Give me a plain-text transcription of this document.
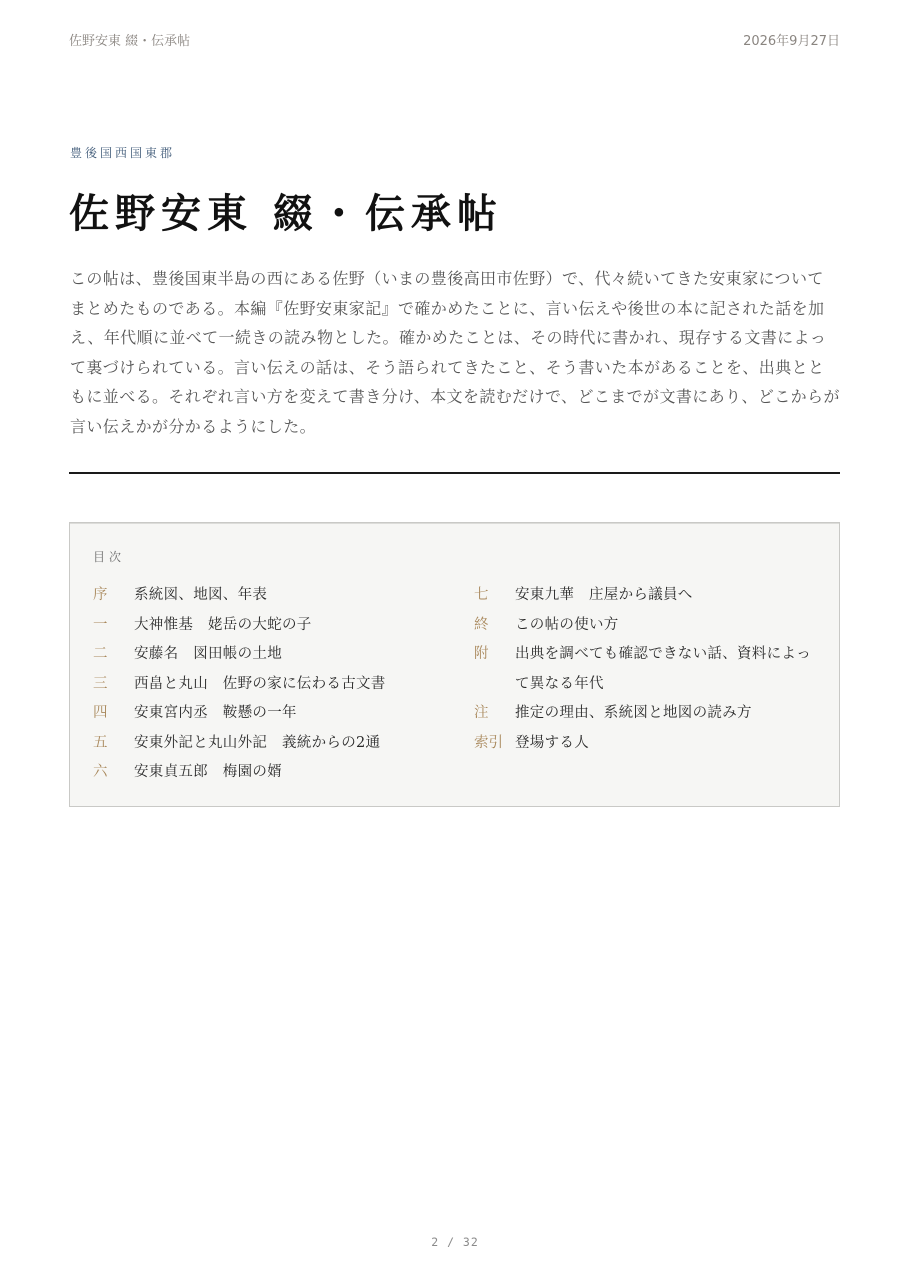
佐野安東 綴・伝承帖	2026年9月27日
豊後国西国東郡
佐野安東 綴・伝承帖

この帖は、豊後国東半島の西にある佐野（いまの豊後高田市佐野）で、代々続いてきた安東家についてまとめたものである。本編『佐野安東家記』で確かめたことに、言い伝えや後世の本に記された話を加え、年代順に並べて一続きの読み物とした。確かめたことは、その時代に書かれ、現存する文書によって裏づけられている。言い伝えの話は、そう語られてきたこと、そう書いた本があることを、出典とともに並べる。それぞれ言い方を変えて書き分け、本文を読むだけで、どこまでが文書にあり、どこからが言い伝えかが分かるようにした。

目次
序	系統図、地図、年表
一	大神惟基　姥岳の大蛇の子
二	安藤名　図田帳の土地
三	西畠と丸山　佐野の家に伝わる古文書
四	安東宮内丞　鞍懸の一年
五	安東外記と丸山外記　義統からの2通
六	安東貞五郎　梅園の婿
七	安東九華　庄屋から議員へ
終	この帖の使い方
附	出典を調べても確認できない話、資料によって異なる年代
注	推定の理由、系統図と地図の読み方
索引 登場する人
2 / 32
